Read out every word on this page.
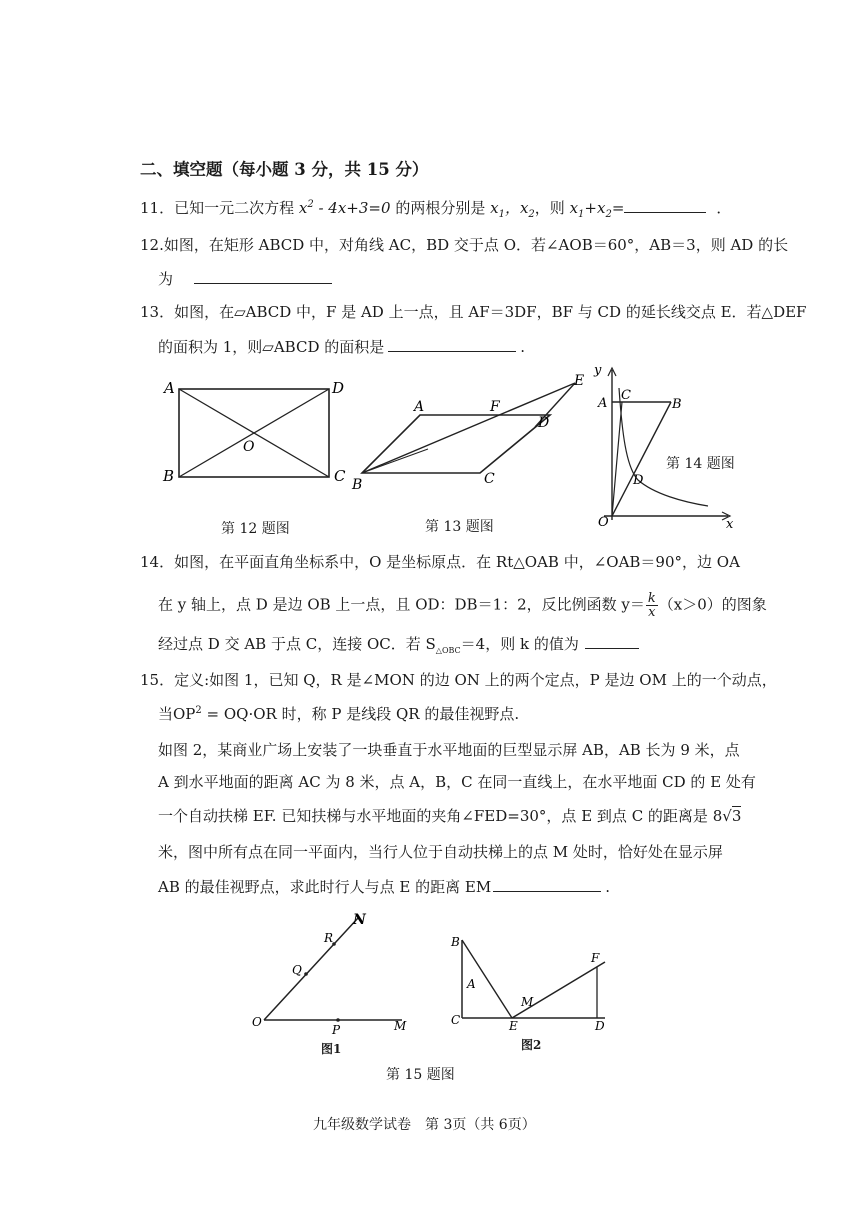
二、填空题（每小题 3 分，共 15 分）
11．已知一元二次方程 $x^2 - 4x+3=0$ 的两根分别是 $x_1$，$x_2$，则 $x_1+x_2=$	．
12.如图，在矩形 ABCD 中，对角线 AC，BD 交于点 O．若∠AOB＝60°，AB＝3，则 AD 的长
为
13．如图，在▱ABCD 中，F 是 AD 上一点，且 AF＝3DF，BF 与 CD 的延长线交点 E．若△DEF
的面积为 1，则▱ABCD 的面积是	.
A	D
B	C
O
第 12 题图
A	F
E
D
B	C
第 13 题图
y
A
C
B
D
O	x
第 14 题图
14．如图，在平面直角坐标系中，O 是坐标原点．在 Rt△OAB 中，∠OAB＝90°，边 OA
在 y 轴上，点 D 是边 OB 上一点，且 OD：DB＝1：2，反比例函数 $y= \frac{k}{x} (x>0)$的图象
经过点 D 交 AB 于点 C，连接 OC．若 $S_{\triangle OBC}=4$，则 k 的值为
15．定义:如图 1，已知 Q，R 是∠MON 的边 ON 上的两个定点，P 是边 OM 上的一个动点，
当$OP^2 = OQ\cdot OR$ 时，称 P 是线段 QR 的最佳视野点.
如图 2，某商业广场上安装了一块垂直于水平地面的巨型显示屏 AB，AB 长为 9 米，点
A 到水平地面的距离 AC 为 8 米，点 A，B，C 在同一直线上，在水平地面 CD 的 E 处有
一个自动扶梯 EF. 已知扶梯与水平地面的夹角∠FED=30°，点 E 到点 C 的距离是 8√3
米，图中所有点在同一平面内，当行人位于自动扶梯上的点 M 处时，恰好处在显示屏
AB 的最佳视野点，求此时行人与点 E 的距离 EM	.
N
R
Q
O
P	M
图1
B
A
C
M
E
F
D
图2
第 15 题图
九年级数学试卷　第 3页（共 6页）
